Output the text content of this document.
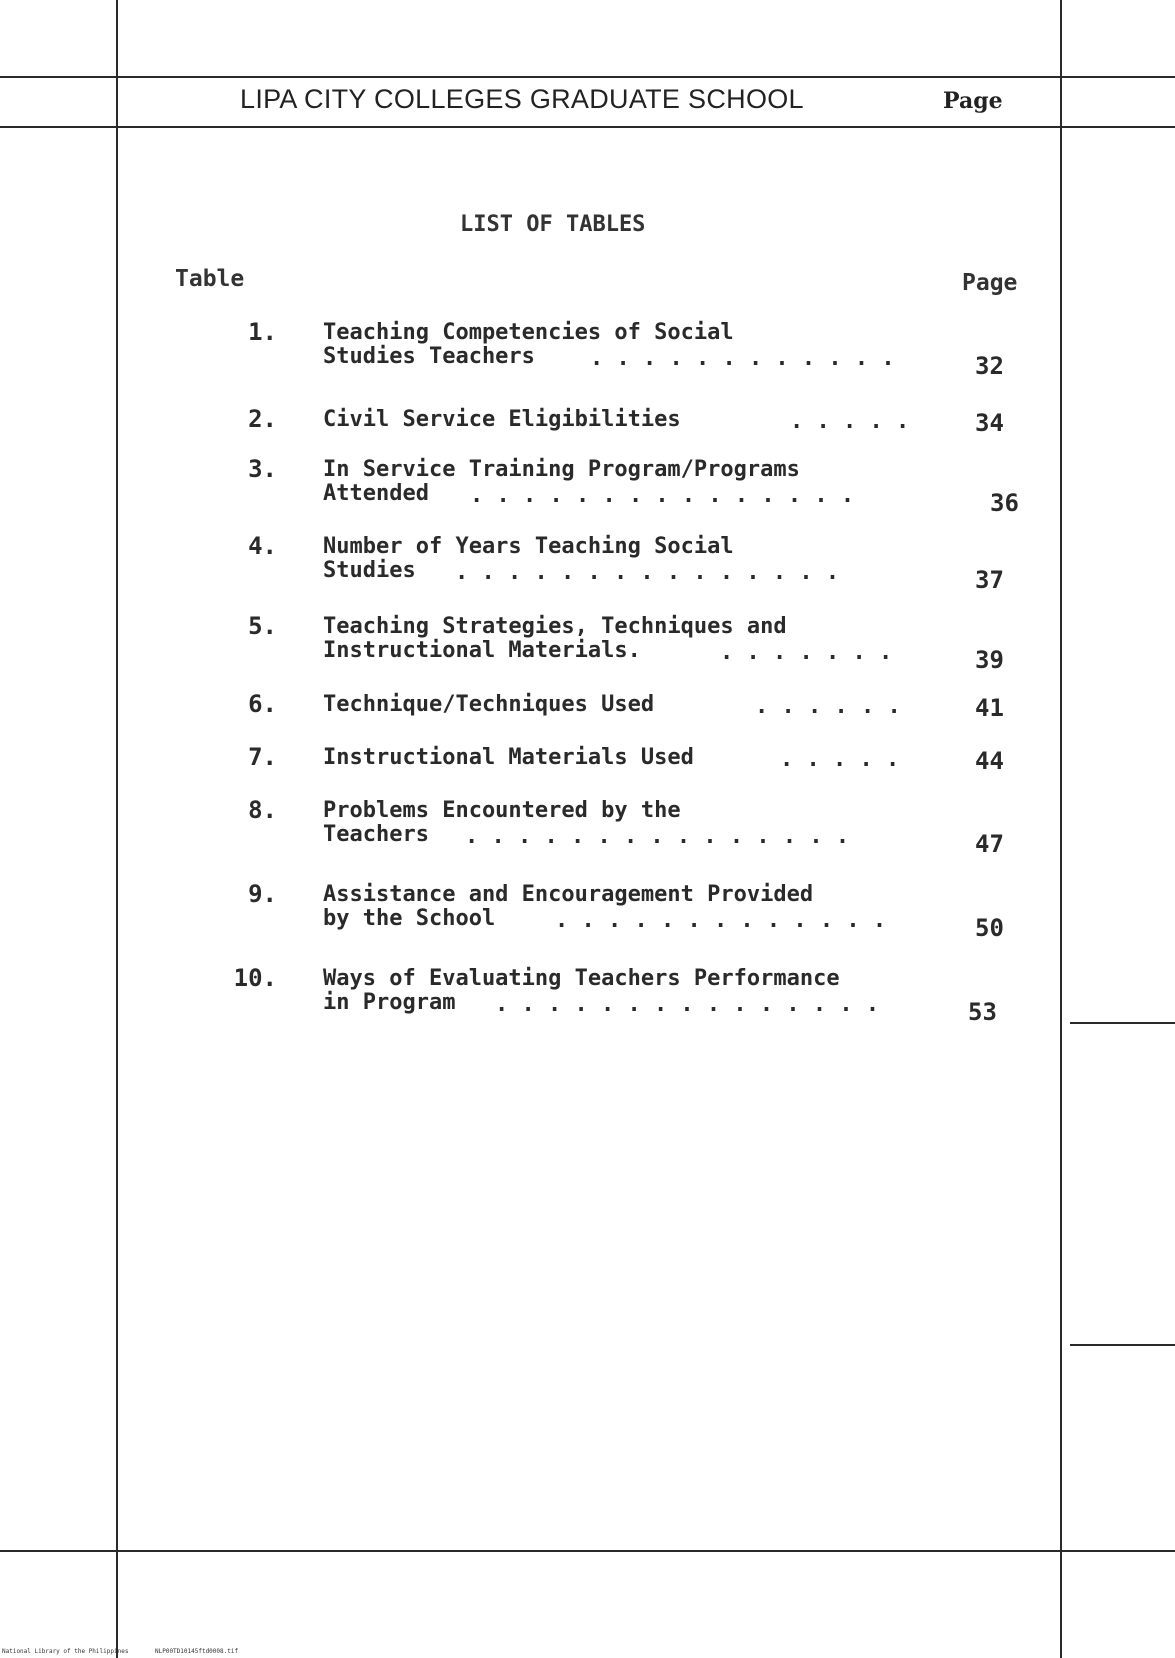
LIPA CITY COLLEGES GRADUATE SCHOOL	Page
LIST OF TABLES
Table	Page
1. Teaching Competencies of Social
Studies Teachers	. . . . . . . . . . . .	32
2. Civil Service Eligibilities	. . . . .	34
3. In Service Training Program/Programs
Attended . . . . . . . . . . . . . . .	36
4. Number of Years Teaching Social
Studies . . . . . . . . . . . . . . .	37
5. Teaching Strategies, Techniques and
Instructional Materials.	. . . . . . .	39
6. Technique/Techniques Used	. . . . . .	41
7. Instructional Materials Used	. . . . .	44
8. Problems Encountered by the
Teachers . . . . . . . . . . . . . . .	47
9. Assistance and Encouragement Provided
by the School	. . . . . . . . . . . . .	50
10. Ways of Evaluating Teachers Performance
in Program . . . . . . . . . . . . . . .	53
National Library of the Philippines	NLP00TD10145ftd0008.tif
